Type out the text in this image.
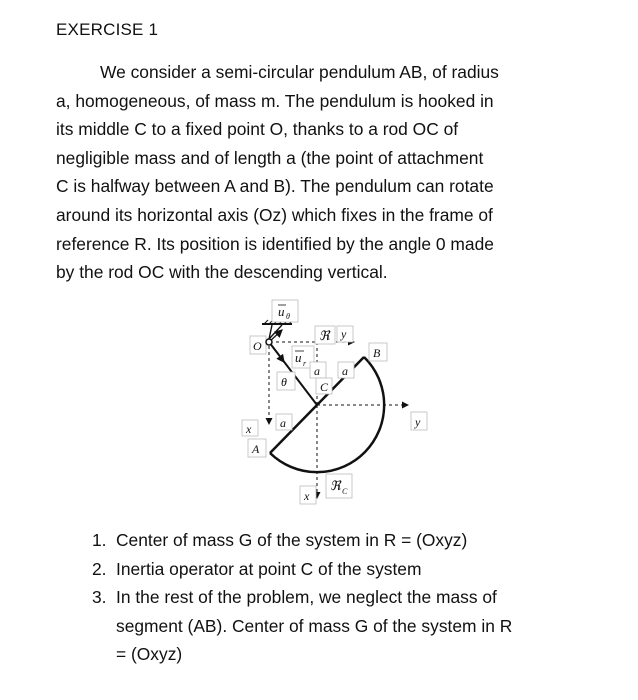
EXERCISE 1

We consider a semi-circular pendulum AB, of radius
a, homogeneous, of mass m. The pendulum is hooked in
its middle C to a fixed point O, thanks to a rod OC of
negligible mass and of length a (the point of attachment
C is halfway between A and B). The pendulum can rotate
around its horizontal axis (Oz) which fixes in the frame of
reference R. Its position is identified by the angle 0 made
by the rod OC with the descending vertical.

u θ
O
ℜ y
B
u r
a a
θ	C
a
x
A
y
ℜ C
x
1. Center of mass G of the system in R = (Oxyz)
2. Inertia operator at point C of the system
3. In the rest of the problem, we neglect the mass of
segment (AB). Center of mass G of the system in R
= (Oxyz)
